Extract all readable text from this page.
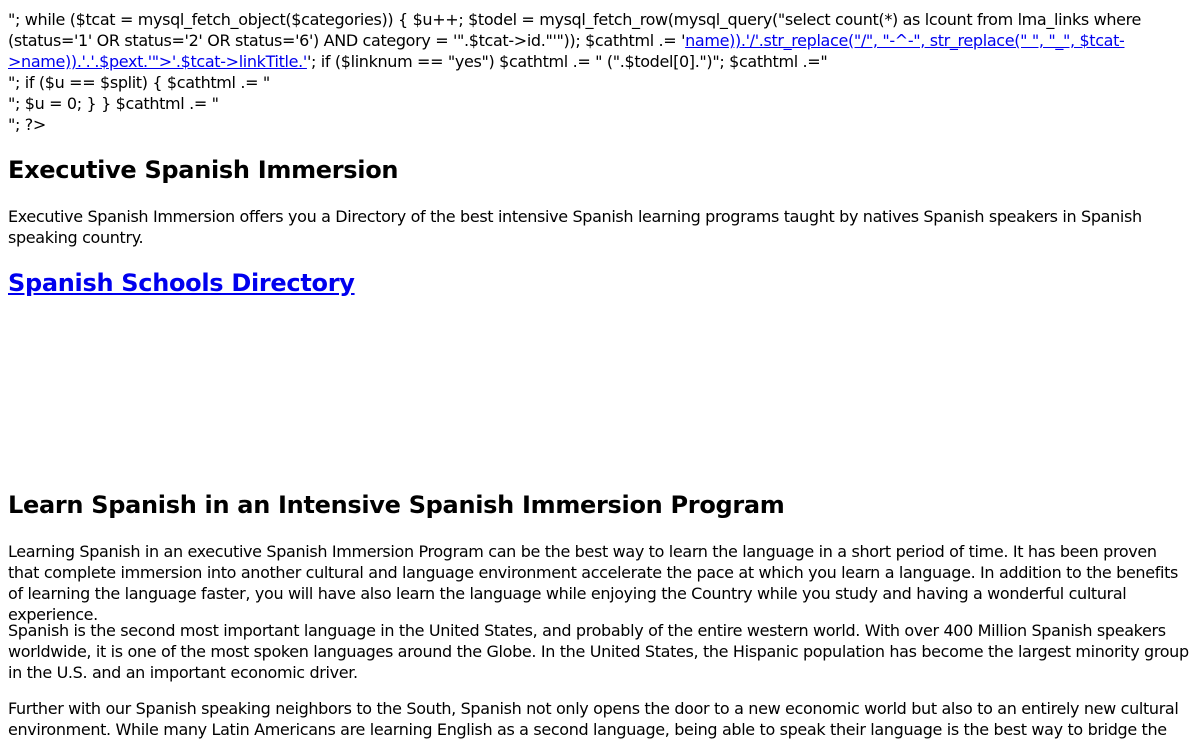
"; while ($tcat = mysql_fetch_object($categories)) { $u++; $todel = mysql_fetch_row(mysql_query("select count(*) as lcount from lma_links where (status='1' OR status='2' OR status='6') AND category = '".$tcat->id."'")); $cathtml .= 'name)).'/'.str_replace("/", "-^-", str_replace(" ", "_", $tcat->name)).'.'.$pext.'">'.$tcat->linkTitle.''; if ($linknum == "yes") $cathtml .= " (".$todel[0].")"; $cathtml .="
"; if ($u == $split) { $cathtml .= "
"; $u = 0; } } $cathtml .= "
"; ?>
Executive Spanish Immersion

Executive Spanish Immersion offers you a Directory of the best intensive Spanish learning programs taught by natives Spanish speakers in Spanish speaking country.

Spanish Schools Directory
Learn Spanish in an Intensive Spanish Immersion Program

Learning Spanish in an executive Spanish Immersion Program can be the best way to learn the language in a short period of time. It has been proven that complete immersion into another cultural and language environment accelerate the pace at which you learn a language. In addition to the benefits of learning the language faster, you will have also learn the language while enjoying the Country while you study and having a wonderful cultural experience.

Spanish is the second most important language in the United States, and probably of the entire western world. With over 400 Million Spanish speakers worldwide, it is one of the most spoken languages around the Globe. In the United States, the Hispanic population has become the largest minority group in the U.S. and an important economic driver.

Further with our Spanish speaking neighbors to the South, Spanish not only opens the door to a new economic world but also to an entirely new cultural environment. While many Latin Americans are learning English as a second language, being able to speak their language is the best way to bridge the
